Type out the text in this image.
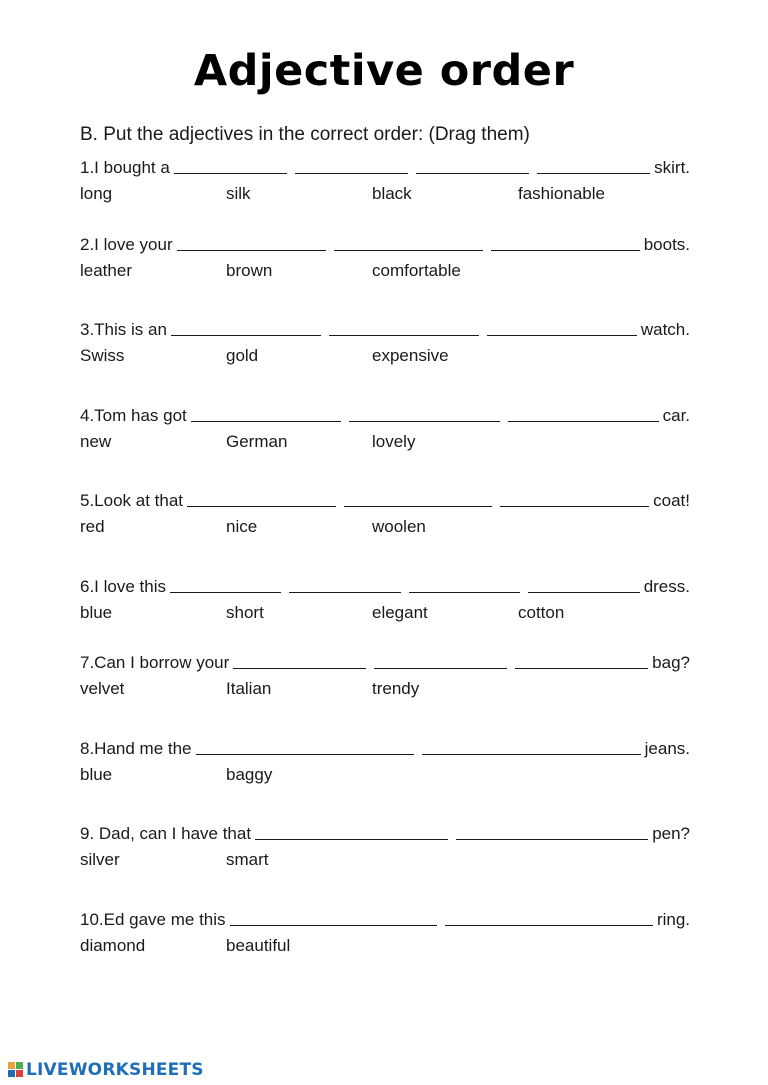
Adjective order
B. Put the adjectives in the correct order: (Drag them)
1.I bought a	skirt.
long	silk	black	fashionable
2.I love your	boots.
leather	brown	comfortable
3.This is an	watch.
Swiss	gold	expensive
4.Tom has got	car.
new	German	lovely
5.Look at that	coat!
red	nice	woolen
6.I love this	dress.
blue	short	elegant	cotton
7.Can I borrow your	bag?
velvet	Italian	trendy
8.Hand me the	jeans.
blue	baggy
9. Dad, can I have that	pen?
silver	smart
10.Ed gave me this	ring.
diamond	beautiful
LIVEWORKSHEETS
